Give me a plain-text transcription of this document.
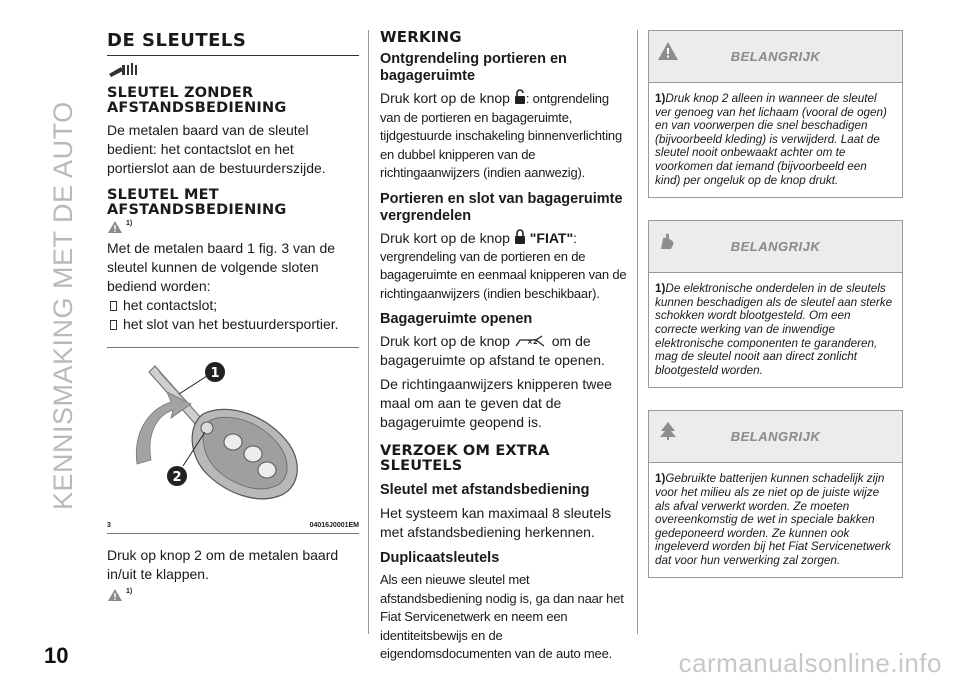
KENNISMAKING MET DE AUTO
DE SLEUTELS
SLEUTEL ZONDER AFSTANDSBEDIENING
De metalen baard van de sleutel bedient: het contactslot en het portierslot aan de bestuurderszijde.
SLEUTEL MET AFSTANDSBEDIENING
1)
Met de metalen baard 1 fig. 3 van de sleutel kunnen de volgende sloten bediend worden:
het contactslot;
het slot van het bestuurdersportier.
1
2
3	04016J0001EM
Druk op knop 2 om de metalen baard in/uit te klappen.
1)
WERKING
Ontgrendeling portieren en bagageruimte
Druk kort op de knop : ontgrendeling
van de portieren en bagageruimte, tijdgestuurde inschakeling binnenverlichting en dubbel knipperen van de richtingaanwijzers (indien aanwezig).
Portieren en slot van bagageruimte vergrendelen
Druk kort op de knop  "FIAT":
vergrendeling van de portieren en de bagageruimte en eenmaal knipperen van de richtingaanwijzers (indien beschikbaar).
Bagageruimte openen
Druk kort op de knop ×2 om de
bagageruimte op afstand te openen.
De richtingaanwijzers knipperen twee maal om aan te geven dat de bagageruimte geopend is.
VERZOEK OM EXTRA SLEUTELS
Sleutel met afstandsbediening
Het systeem kan maximaal 8 sleutels met afstandsbediening herkennen.
Duplicaatsleutels
Als een nieuwe sleutel met afstandsbediening nodig is, ga dan naar het Fiat Servicenetwerk en neem een identiteitsbewijs en de eigendomsdocumenten van de auto mee.
BELANGRIJK
1)Druk knop 2 alleen in wanneer de sleutel ver genoeg van het lichaam (vooral de ogen) en van voorwerpen die snel beschadigen (bijvoorbeeld kleding) is verwijderd. Laat de sleutel nooit onbewaakt achter om te voorkomen dat iemand (bijvoorbeeld een kind) per ongeluk op de knop drukt.
BELANGRIJK
1)De elektronische onderdelen in de sleutels kunnen beschadigen als de sleutel aan sterke schokken wordt blootgesteld. Om een correcte werking van de inwendige elektronische componenten te garanderen, mag de sleutel nooit aan direct zonlicht blootgesteld worden.
BELANGRIJK
1)Gebruikte batterijen kunnen schadelijk zijn voor het milieu als ze niet op de juiste wijze als afval verwerkt worden. Ze moeten overeenkomstig de wet in speciale bakken gedeponeerd worden. Ze kunnen ook ingeleverd worden bij het Fiat Servicenetwerk dat voor hun verwerking zal zorgen.
10	carmanualsonline.info
